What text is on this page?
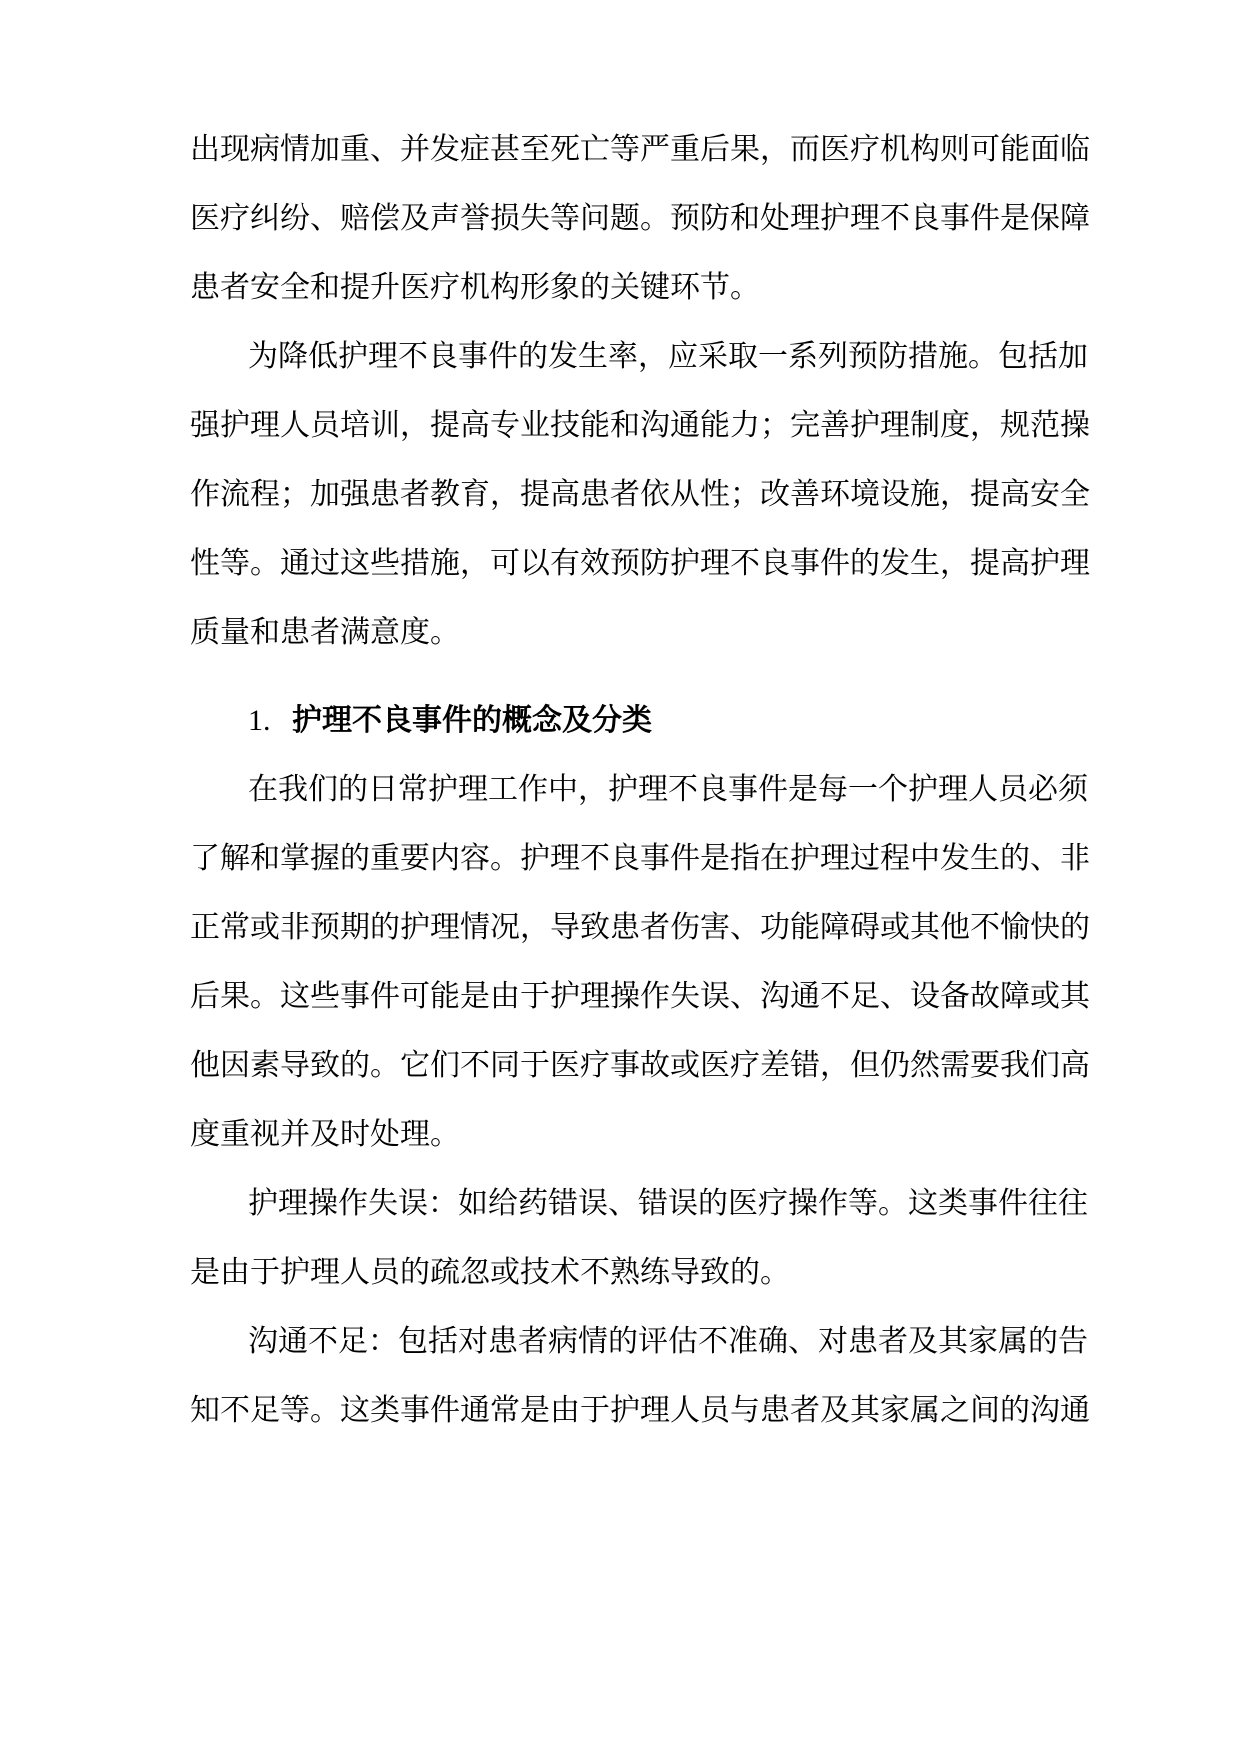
出现病情加重、并发症甚至死亡等严重后果，而医疗机构则可能面临
医疗纠纷、赔偿及声誉损失等问题。预防和处理护理不良事件是保障
患者安全和提升医疗机构形象的关键环节。
为降低护理不良事件的发生率，应采取一系列预防措施。包括加
强护理人员培训，提高专业技能和沟通能力；完善护理制度，规范操
作流程；加强患者教育，提高患者依从性；改善环境设施，提高安全
性等。通过这些措施，可以有效预防护理不良事件的发生，提高护理
质量和患者满意度。
1. 护理不良事件的概念及分类
在我们的日常护理工作中，护理不良事件是每一个护理人员必须
了解和掌握的重要内容。护理不良事件是指在护理过程中发生的、非
正常或非预期的护理情况，导致患者伤害、功能障碍或其他不愉快的
后果。这些事件可能是由于护理操作失误、沟通不足、设备故障或其
他因素导致的。它们不同于医疗事故或医疗差错，但仍然需要我们高
度重视并及时处理。
护理操作失误：如给药错误、错误的医疗操作等。这类事件往往
是由于护理人员的疏忽或技术不熟练导致的。
沟通不足：包括对患者病情的评估不准确、对患者及其家属的告
知不足等。这类事件通常是由于护理人员与患者及其家属之间的沟通
